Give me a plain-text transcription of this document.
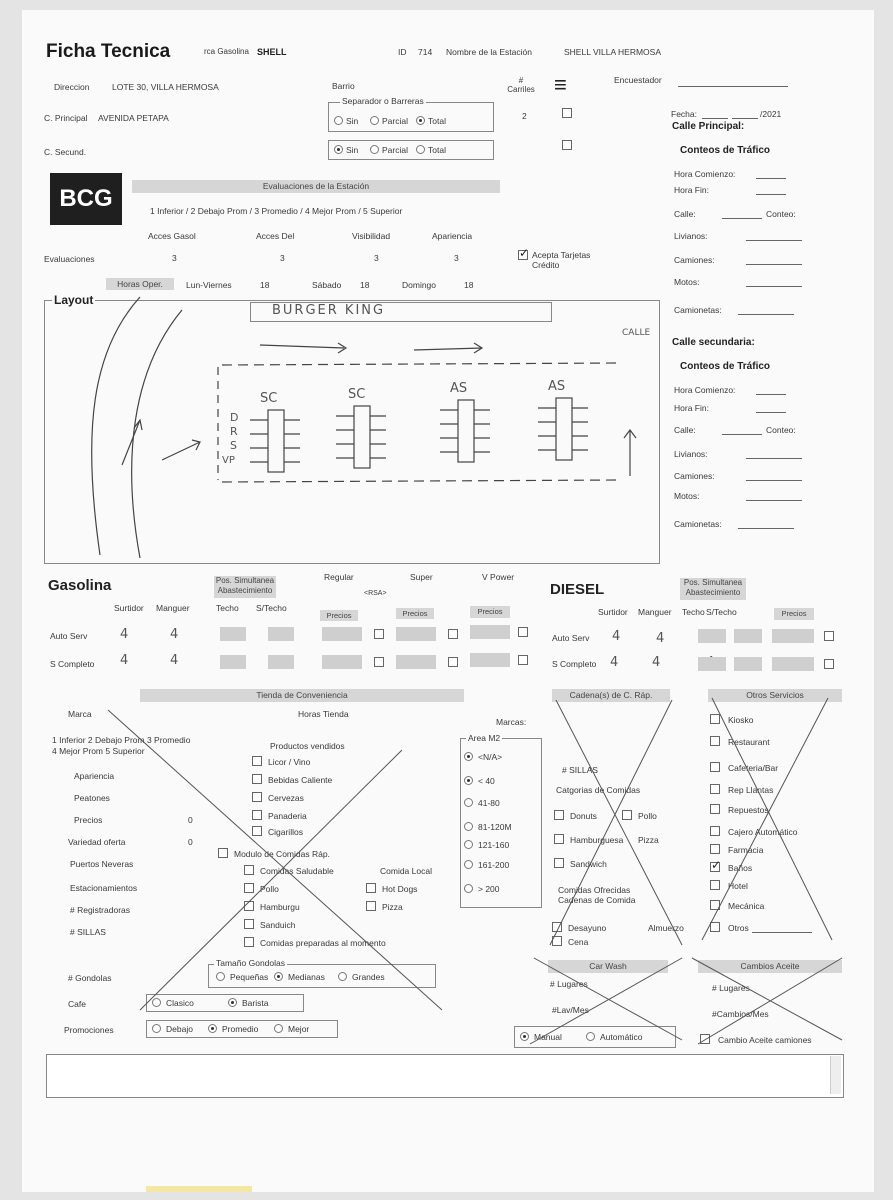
Ficha Tecnica	rca Gasolina SHELL	ID 714 Nombre de la Estación	SHELL VILLA HERMOSA
Direccion	LOTE 30, VILLA HERMOSA
C. Principal AVENIDA PETAPA
C. Secund.
Barrio
Separador o Barreras
Sin	Parcial Total
Sin	Parcial Total
# Carriles
2
≡	Encuestador
Fecha:	/2021
BCG	Evaluaciones de la Estación
1 Inferior / 2 Debajo Prom / 3 Promedio / 4 Mejor Prom / 5 Superior
Acces Gasol	Acces Del	Visibilidad	Apariencia
Evaluaciones	3	3	3	3 ✓	Acepta Tarjetas Crédito
Horas Oper.	Lun-Viernes	18	Sábado 18	Domingo	18
Layout
BURGER KING
CALLE
SC	SC	AS	AS
D
R
S
VP
Calle Principal:
Conteos de Tráfico
Hora Comienzo:
Hora Fin:
Calle:	Conteo:
Livianos:
Camiones:
Motos:
Camionetas:
Calle secundaria:
Conteos de Tráfico
Hora Comienzo:
Hora Fin:
Calle:	Conteo:
Livianos:
Camiones:
Motos:
Camionetas:
Gasolina	Pos. Simultanea Abastecimiento
Regular	Super	V Power
<RSA>
Surtidor Manguer	Techo S/Techo
Precios	Precios	Precios
Auto Serv	4	4
S Completo 4	4
DIESEL	Pos. Simultanea Abastecimiento
Surtidor Manguer Techo S/Techo	Precios
Auto Serv 4	4
S Completo 4	4
Tienda de Conveniencia
Marca	Horas Tienda
1 Inferior 2 Debajo Prom 3 Promedio
4 Mejor Prom 5 Superior
Apariencia
Peatones
Precios	0
Variedad oferta	0
Puertos Neveras
Estacionamientos
# Registradoras
# SILLAS
Productos vendidos
Licor / Vino
Bebidas Caliente
Cervezas
Panaderia
Cigarillos
Modulo de Comidas Ráp.
Comidas Saludable	Comida Local
Pollo	Hot Dogs
Hamburgu	Pizza
Sanduich
Comidas preparadas al momento
Marcas:
Area M2
<N/A>
< 40
41-80
81-120M
121-160
161-200
> 200
Tamaño Gondolas
Pequeñas Medianas	Grandes
# Gondolas
Cafe	Clasico	Barista
Promociones	Debajo	Promedio	Mejor
Cadena(s) de C. Ráp.
# SILLAS
Catgorias de Comidas
Donuts	Pollo
Hamburguesa Pizza
Sandwich
Comidas Ofrecidas
Cadenas de Comida
Desayuno	Almuerzo
Cena
Car Wash
# Lugares
#Lav/Mes
Manual	Automático
Otros Servicios
Kiosko
Restaurant
Cafeteria/Bar
Rep Llantas
Repuestos
Cajero Automático
Farmacia
✓
Baños
Hotel
Mecánica
Otros
Cambios Aceite
# Lugares
#Cambios/Mes
Cambio Aceite camiones
